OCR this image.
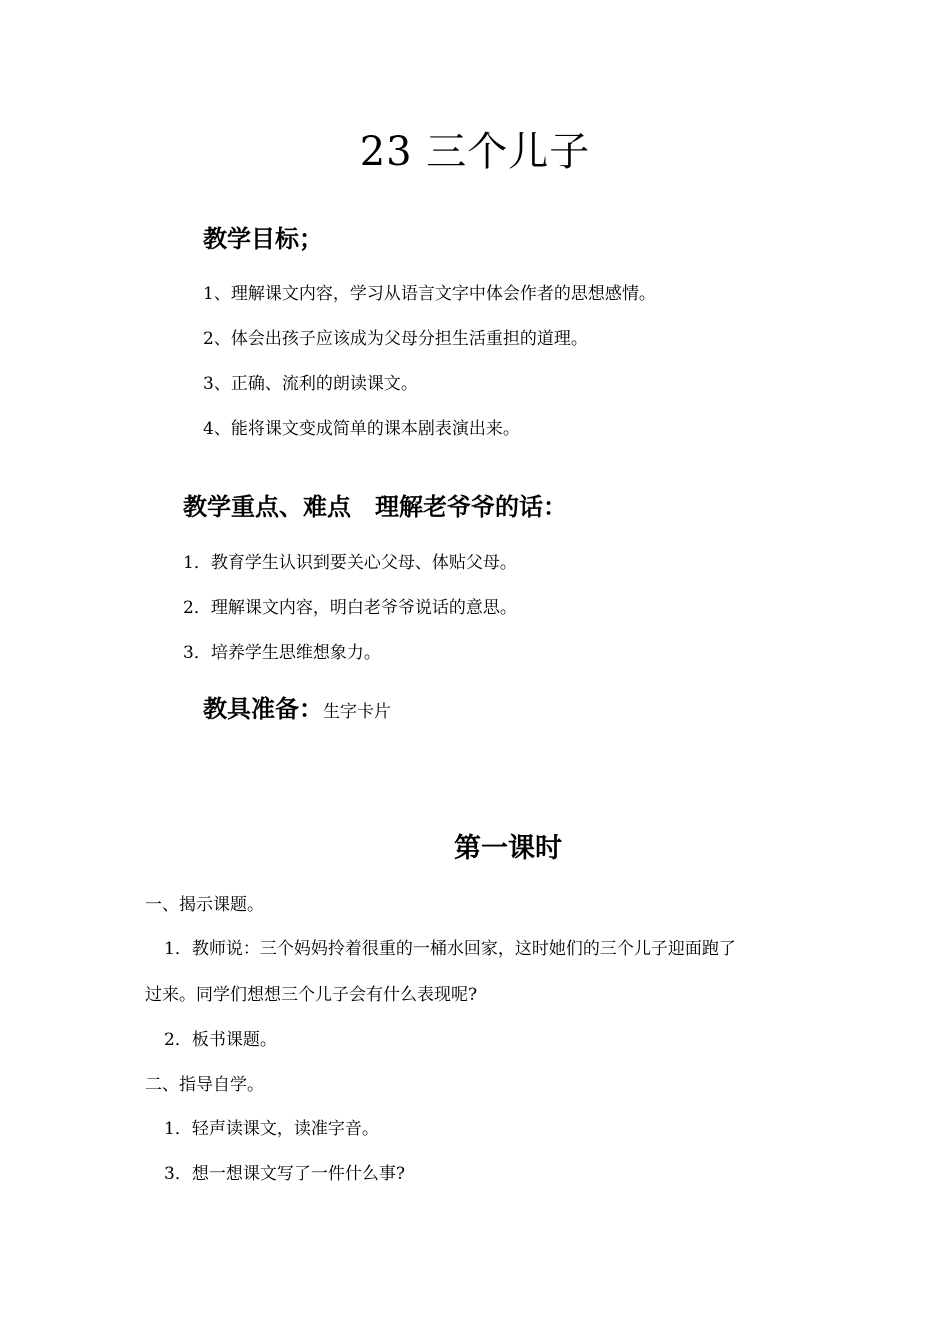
23 三个儿子
教学目标；
1、理解课文内容，学习从语言文字中体会作者的思想感情。
2、体会出孩子应该成为父母分担生活重担的道理。
3、正确、流利的朗读课文。
4、能将课文变成简单的课本剧表演出来。
教学重点、难点　理解老爷爷的话：
1．教育学生认识到要关心父母、体贴父母。
2．理解课文内容，明白老爷爷说话的意思。
3．培养学生思维想象力。
教具准备：生字卡片
第一课时
一、揭示课题。
1．教师说：三个妈妈拎着很重的一桶水回家，这时她们的三个儿子迎面跑了
过来。同学们想想三个儿子会有什么表现呢?
2．板书课题。
二、指导自学。
1．轻声读课文，读准字音。
3．想一想课文写了一件什么事?
